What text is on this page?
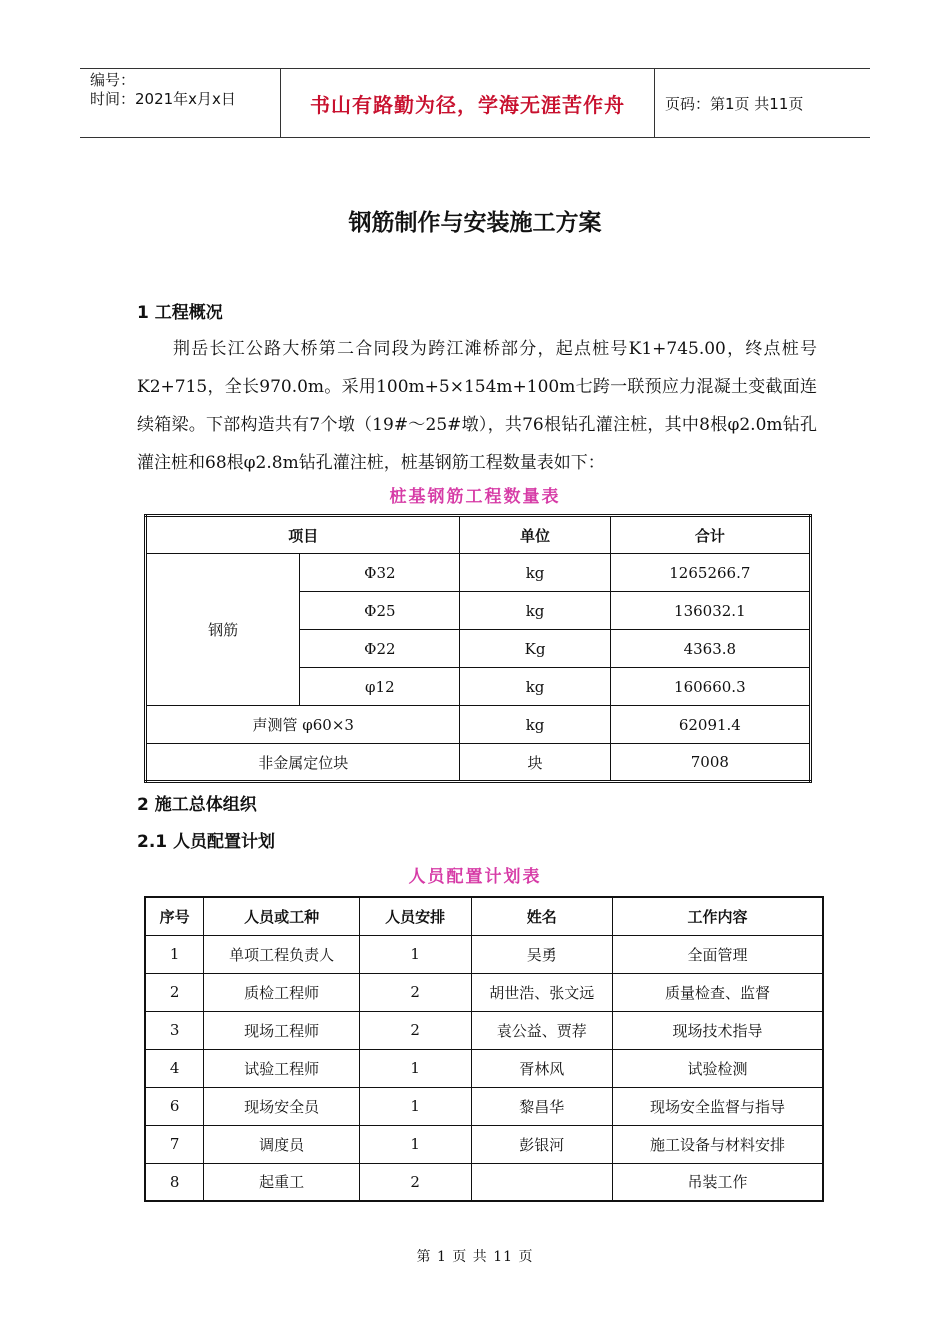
编号：
时间：2021年x月x日	书山有路勤为径，学海无涯苦作舟	页码：第1页 共11页
钢筋制作与安装施工方案
1 工程概况
荆岳长江公路大桥第二合同段为跨江滩桥部分，起点桩号K1+745.00，终点桩号K2+715，全长970.0m。采用100m+5×154m+100m七跨一联预应力混凝土变截面连续箱梁。下部构造共有7个墩（19#～25#墩），共76根钻孔灌注桩，其中8根φ2.0m钻孔灌注桩和68根φ2.8m钻孔灌注桩，桩基钢筋工程数量表如下：
桩基钢筋工程数量表
项目		单位	合计
钢筋	Φ32	kg	1265266.7
	Φ25	kg	136032.1
	Φ22	Kg	4363.8
	φ12	kg	160660.3
声测管 φ60×3		kg	62091.4
非金属定位块		块	7008
2 施工总体组织
2.1 人员配置计划
人员配置计划表
序号	人员或工种	人员安排	姓名	工作内容
1	单项工程负责人	1	吴勇	全面管理
2	质检工程师	2	胡世浩、张文远	质量检查、监督
3	现场工程师	2	袁公益、贾荐	现场技术指导
4	试验工程师	1	胥林风	试验检测
6	现场安全员	1	黎昌华	现场安全监督与指导
7	调度员	1	彭银河	施工设备与材料安排
8	起重工	2		吊装工作
第 1 页 共 11 页
